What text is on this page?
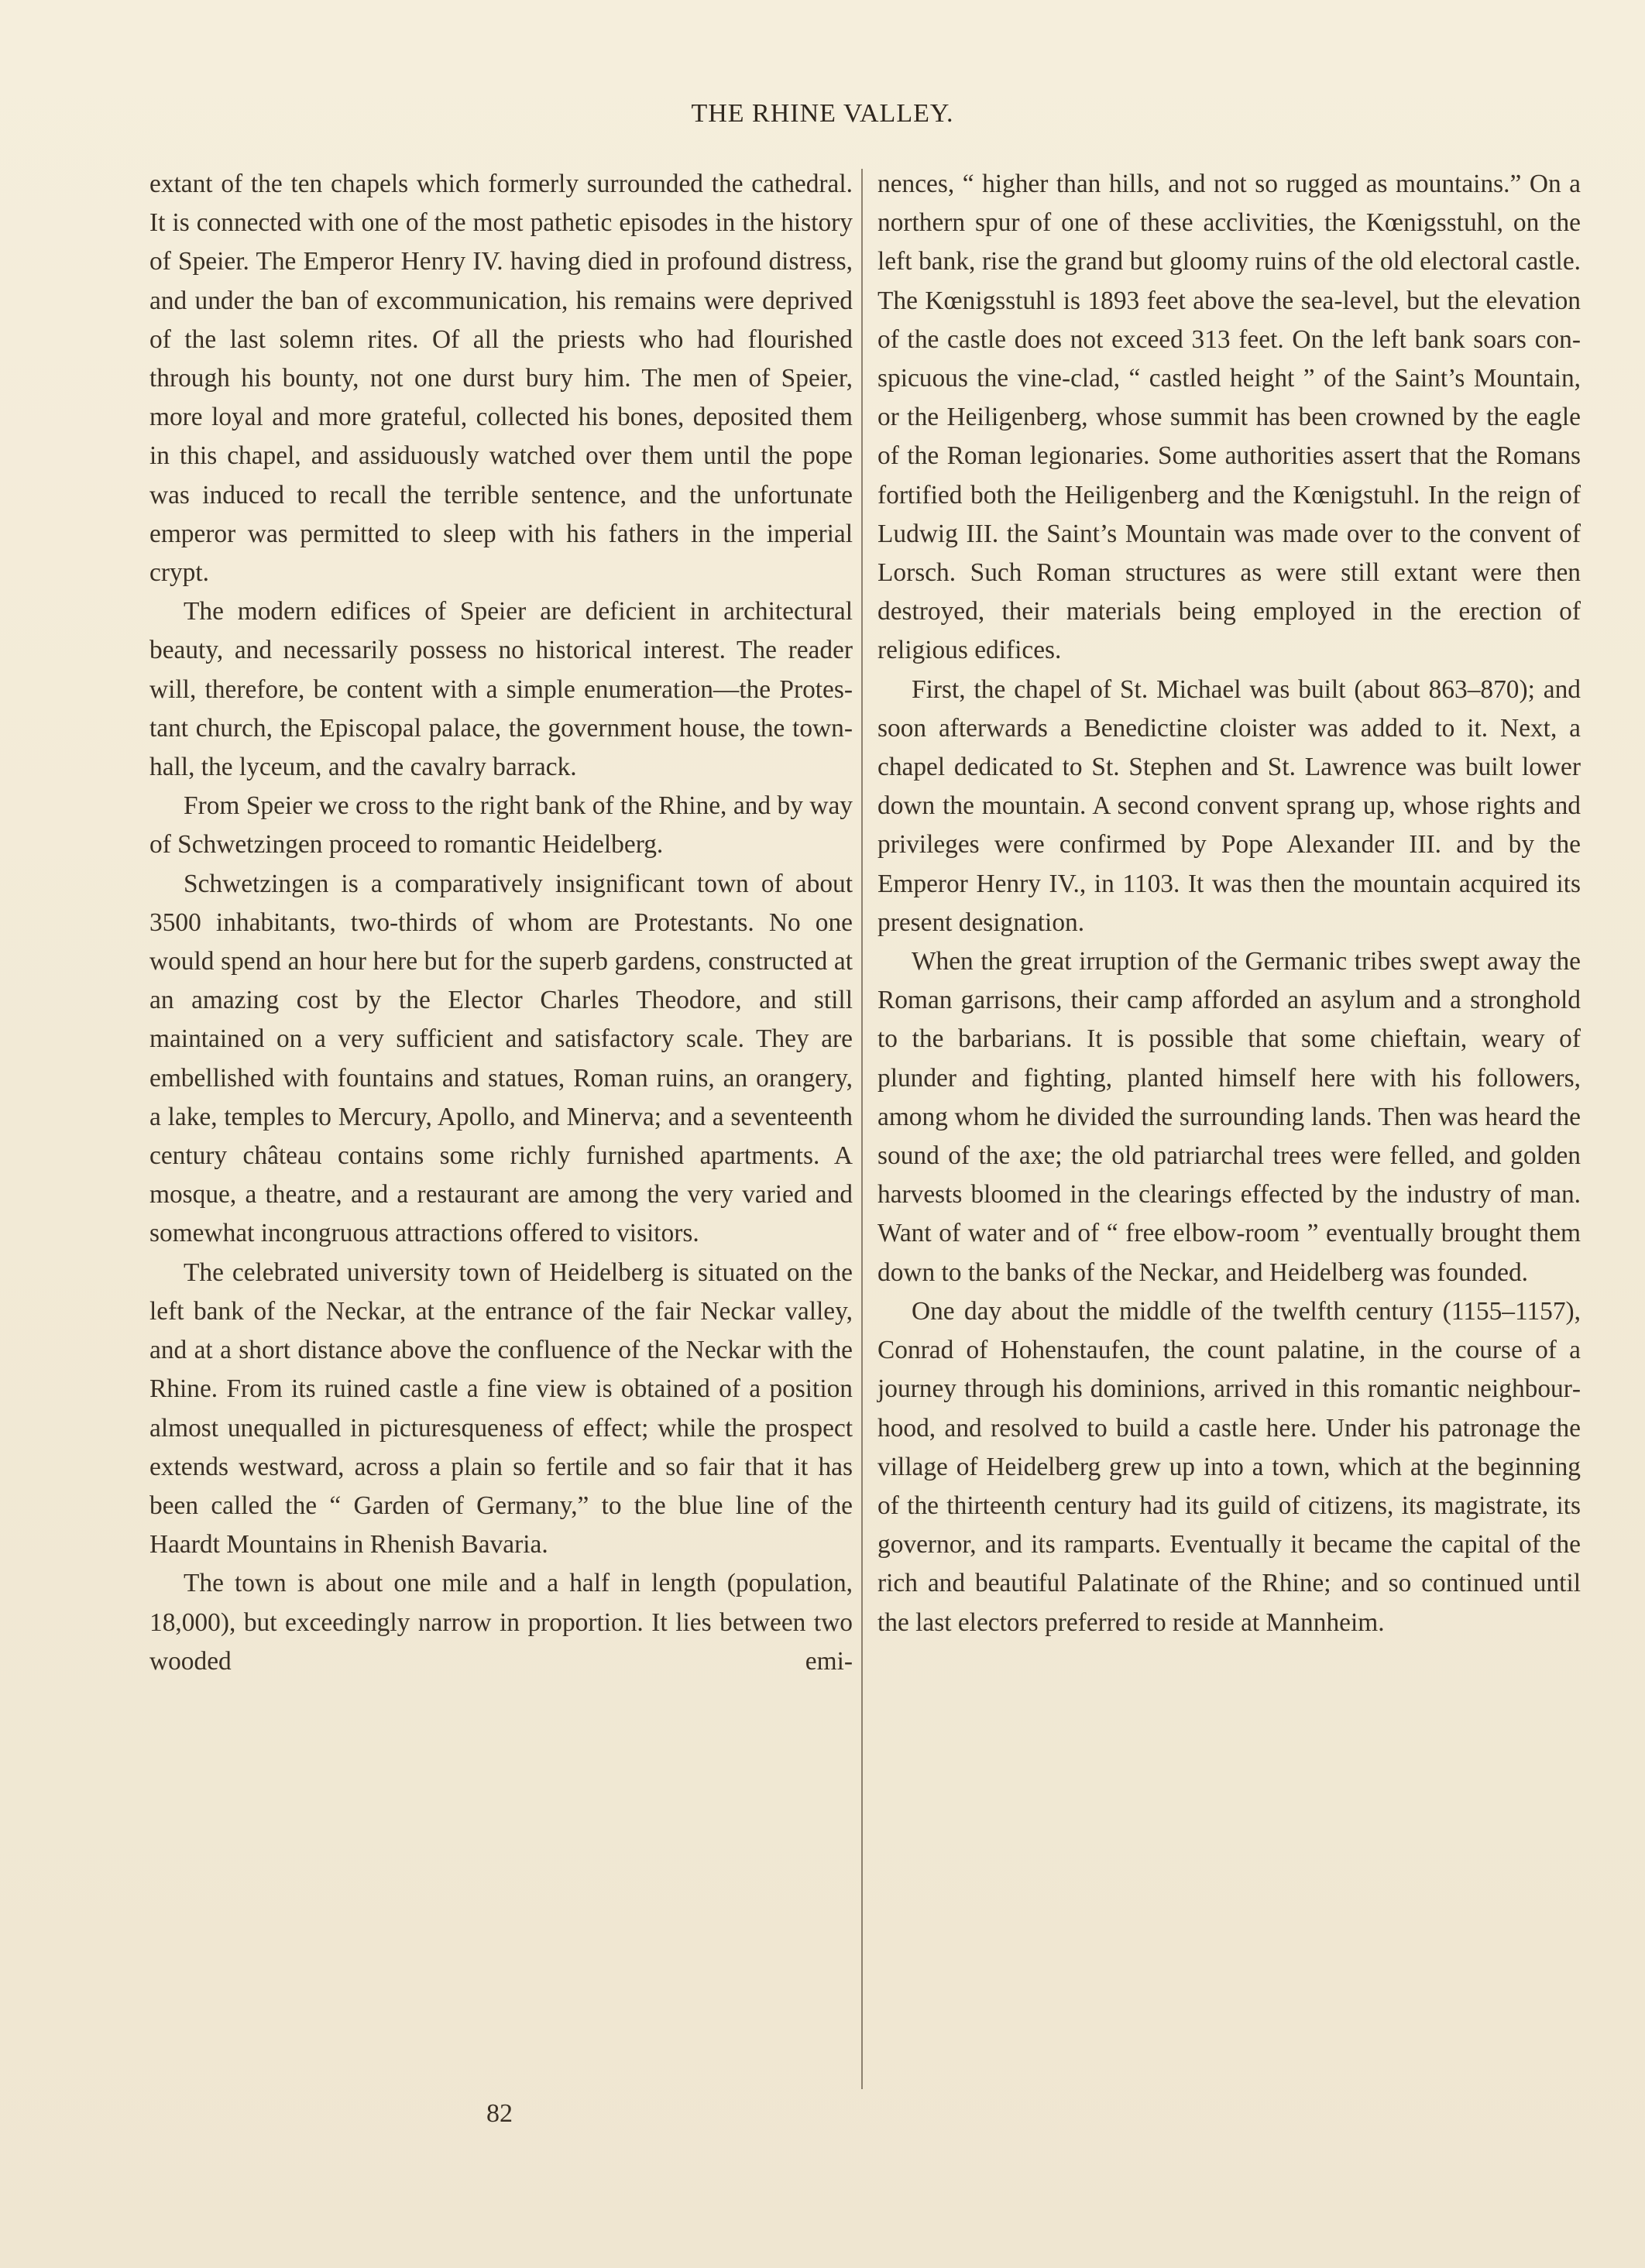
THE RHINE VALLEY.

extant of the ten chapels which formerly surrounded the cathedral. It is connected with one of the most pathetic episodes in the history of Speier. The Emperor Henry IV. having died in profound distress, and under the ban of excommunication, his remains were deprived of the last solemn rites. Of all the priests who had flourished through his bounty, not one durst bury him. The men of Speier, more loyal and more grateful, collected his bones, deposited them in this chapel, and assiduously watched over them until the pope was induced to recall the terrible sentence, and the unfortunate emperor was permitted to sleep with his fathers in the imperial crypt.

The modern edifices of Speier are deficient in architectural beauty, and necessarily possess no historical interest. The reader will, therefore, be content with a simple enumeration—the Protestant church, the Episcopal palace, the government house, the town-hall, the lyceum, and the cavalry barrack.

From Speier we cross to the right bank of the Rhine, and by way of Schwetzingen proceed to romantic Heidelberg.

Schwetzingen is a comparatively insignificant town of about 3500 inhabitants, two-thirds of whom are Protestants. No one would spend an hour here but for the superb gardens, constructed at an amazing cost by the Elector Charles Theodore, and still maintained on a very sufficient and satisfactory scale. They are embellished with fountains and statues, Roman ruins, an orangery, a lake, temples to Mercury, Apollo, and Minerva; and a seventeenth century château contains some richly furnished apartments. A mosque, a theatre, and a restaurant are among the very varied and somewhat incongruous attractions offered to visitors.

The celebrated university town of Heidelberg is situated on the left bank of the Neckar, at the entrance of the fair Neckar valley, and at a short distance above the confluence of the Neckar with the Rhine. From its ruined castle a fine view is obtained of a position almost unequalled in picturesqueness of effect; while the prospect extends westward, across a plain so fertile and so fair that it has been called the “ Garden of Germany,” to the blue line of the Haardt Mountains in Rhenish Bavaria.

The town is about one mile and a half in length (population, 18,000), but exceedingly narrow in proportion. It lies between two wooded emi-

nences, “ higher than hills, and not so rugged as mountains.” On a northern spur of one of these acclivities, the Kœnigsstuhl, on the left bank, rise the grand but gloomy ruins of the old electoral castle. The Kœnigsstuhl is 1893 feet above the sea-level, but the elevation of the castle does not exceed 313 feet. On the left bank soars conspicuous the vine-clad, “ castled height ” of the Saint’s Mountain, or the Heiligenberg, whose summit has been crowned by the eagle of the Roman legionaries. Some authorities assert that the Romans fortified both the Heiligenberg and the Kœnigstuhl. In the reign of Ludwig III. the Saint’s Mountain was made over to the convent of Lorsch. Such Roman structures as were still extant were then destroyed, their materials being employed in the erection of religious edifices.

First, the chapel of St. Michael was built (about 863–870); and soon afterwards a Benedictine cloister was added to it. Next, a chapel dedicated to St. Stephen and St. Lawrence was built lower down the mountain. A second convent sprang up, whose rights and privileges were confirmed by Pope Alexander III. and by the Emperor Henry IV., in 1103. It was then the mountain acquired its present designation.

When the great irruption of the Germanic tribes swept away the Roman garrisons, their camp afforded an asylum and a stronghold to the barbarians. It is possible that some chieftain, weary of plunder and fighting, planted himself here with his followers, among whom he divided the surrounding lands. Then was heard the sound of the axe; the old patriarchal trees were felled, and golden harvests bloomed in the clearings effected by the industry of man. Want of water and of “ free elbow-room ” eventually brought them down to the banks of the Neckar, and Heidelberg was founded.

One day about the middle of the twelfth century (1155–1157), Conrad of Hohenstaufen, the count palatine, in the course of a journey through his dominions, arrived in this romantic neighbourhood, and resolved to build a castle here. Under his patronage the village of Heidelberg grew up into a town, which at the beginning of the thirteenth century had its guild of citizens, its magistrate, its governor, and its ramparts. Eventually it became the capital of the rich and beautiful Palatinate of the Rhine; and so continued until the last electors preferred to reside at Mannheim.

82
